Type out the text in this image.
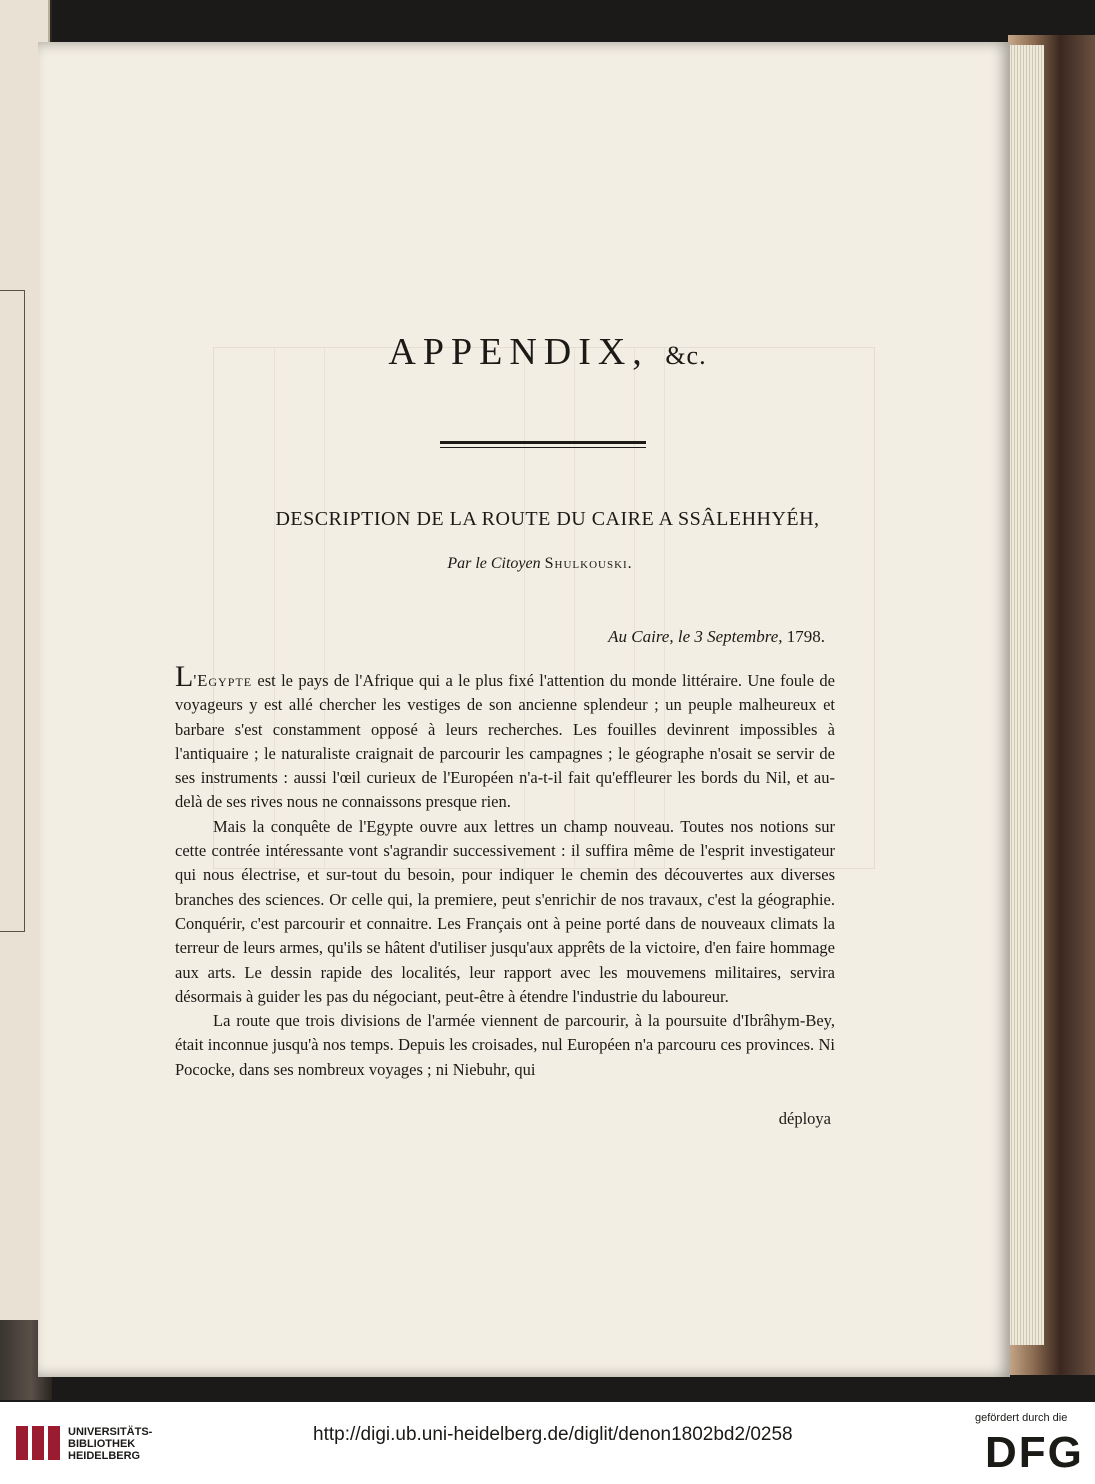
APPENDIX, &c.
DESCRIPTION DE LA ROUTE DU CAIRE A SSÂLEHHYÉH,
Par le Citoyen Shulkouski.
Au Caire, le 3 Septembre, 1798.

L'Egypte est le pays de l'Afrique qui a le plus fixé l'attention du monde littéraire. Une foule de voyageurs y est allé chercher les vestiges de son ancienne splendeur ; un peuple malheureux et barbare s'est constamment opposé à leurs recherches. Les fouilles devinrent impossibles à l'antiquaire ; le naturaliste craignait de parcourir les campagnes ; le géographe n'osait se servir de ses instruments : aussi l'œil curieux de l'Européen n'a-t-il fait qu'effleurer les bords du Nil, et au-delà de ses rives nous ne connaissons presque rien.

Mais la conquête de l'Egypte ouvre aux lettres un champ nouveau. Toutes nos notions sur cette contrée intéressante vont s'agrandir successivement : il suffira même de l'esprit investigateur qui nous électrise, et sur-tout du besoin, pour indiquer le chemin des découvertes aux diverses branches des sciences. Or celle qui, la premiere, peut s'enrichir de nos travaux, c'est la géographie. Conquérir, c'est parcourir et connaitre. Les Français ont à peine porté dans de nouveaux climats la terreur de leurs armes, qu'ils se hâtent d'utiliser jusqu'aux apprêts de la victoire, d'en faire hommage aux arts. Le dessin rapide des localités, leur rapport avec les mouvemens militaires, servira désormais à guider les pas du négociant, peut-être à étendre l'industrie du laboureur.

La route que trois divisions de l'armée viennent de parcourir, à la poursuite d'Ibrâhym-Bey, était inconnue jusqu'à nos temps. Depuis les croisades, nul Européen n'a parcouru ces provinces. Ni Pococke, dans ses nombreux voyages ; ni Niebuhr, qui

déploya
UNIVERSITÄTS-
BIBLIOTHEK
HEIDELBERG
http://digi.ub.uni-heidelberg.de/diglit/denon1802bd2/0258
gefördert durch die
DFG
